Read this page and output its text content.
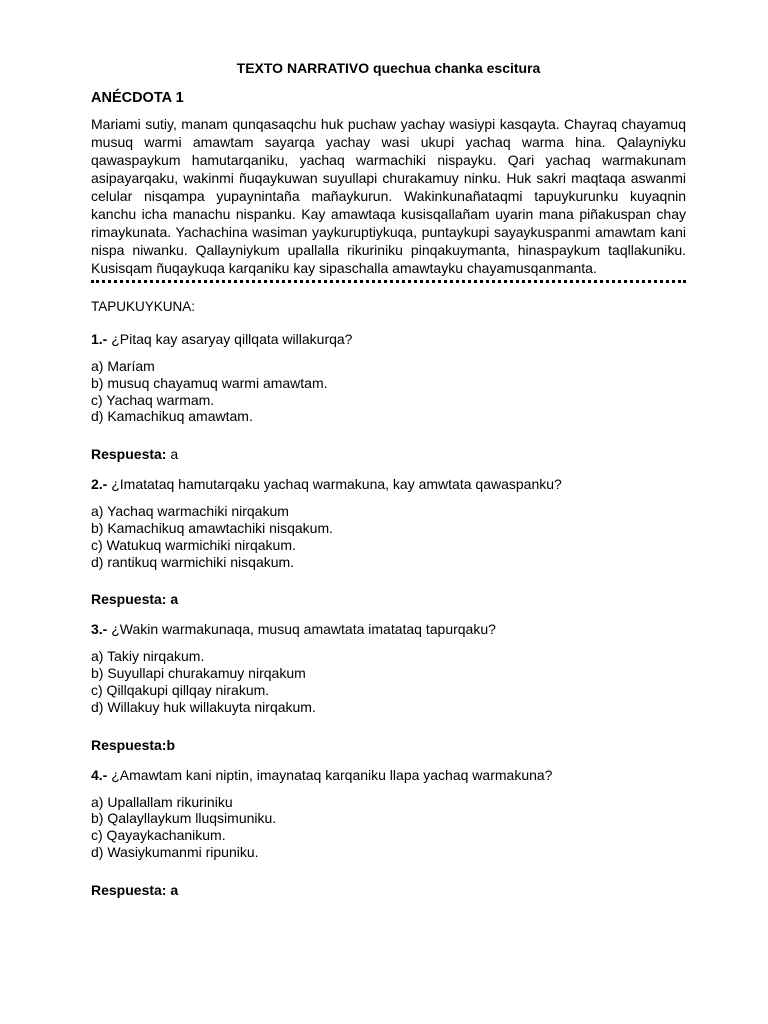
TEXTO NARRATIVO quechua chanka escitura
ANÉCDOTA 1

Mariami sutiy, manam qunqasaqchu huk puchaw yachay wasiypi kasqayta. Chayraq chayamuq musuq warmi amawtam sayarqa yachay wasi ukupi yachaq warma hina. Qalayniyku qawaspaykum hamutarqaniku, yachaq warmachiki nispayku. Qari yachaq warmakunam asipayarqaku, wakinmi ñuqaykuwan suyullapi churakamuy ninku. Huk sakri maqtaqa aswanmi celular nisqampa yupaynintaña mañaykurun. Wakinkunañataqmi tapuykurunku kuyaqnin kanchu icha manachu nispanku. Kay amawtaqa kusisqallañam uyarin mana piñakuspan chay rimaykunata. Yachachina wasiman yaykuruptiykuqa, puntaykupi sayaykuspanmi amawtam kani nispa niwanku. Qallayniykum upallalla rikuriniku pinqakuymanta, hinaspaykum taqllakuniku. Kusisqam ñuqaykuqa karqaniku kay sipaschalla amawtayku chayamusqanmanta.

TAPUKUYKUNA:

1.- ¿Pitaq kay asaryay qillqata willakurqa?

a) Maríam
b) musuq chayamuq warmi amawtam.
c) Yachaq warmam.
d) Kamachikuq amawtam.

Respuesta: a

2.- ¿Imatataq hamutarqaku yachaq warmakuna, kay amwtata qawaspanku?

a) Yachaq warmachiki nirqakum
b) Kamachikuq amawtachiki nisqakum.
c) Watukuq warmichiki nirqakum.
d) rantikuq warmichiki nisqakum.

Respuesta: a

3.- ¿Wakin warmakunaqa, musuq amawtata imatataq tapurqaku?

a) Takiy nirqakum.
b) Suyullapi churakamuy nirqakum
c) Qillqakupi qillqay nirakum.
d) Willakuy huk willakuyta nirqakum.

Respuesta:b

4.- ¿Amawtam kani niptin, imaynataq karqaniku llapa yachaq warmakuna?

a) Upallallam rikuriniku
b) Qalayllaykum lluqsimuniku.
c) Qayaykachanikum.
d) Wasiykumanmi ripuniku.

Respuesta: a
